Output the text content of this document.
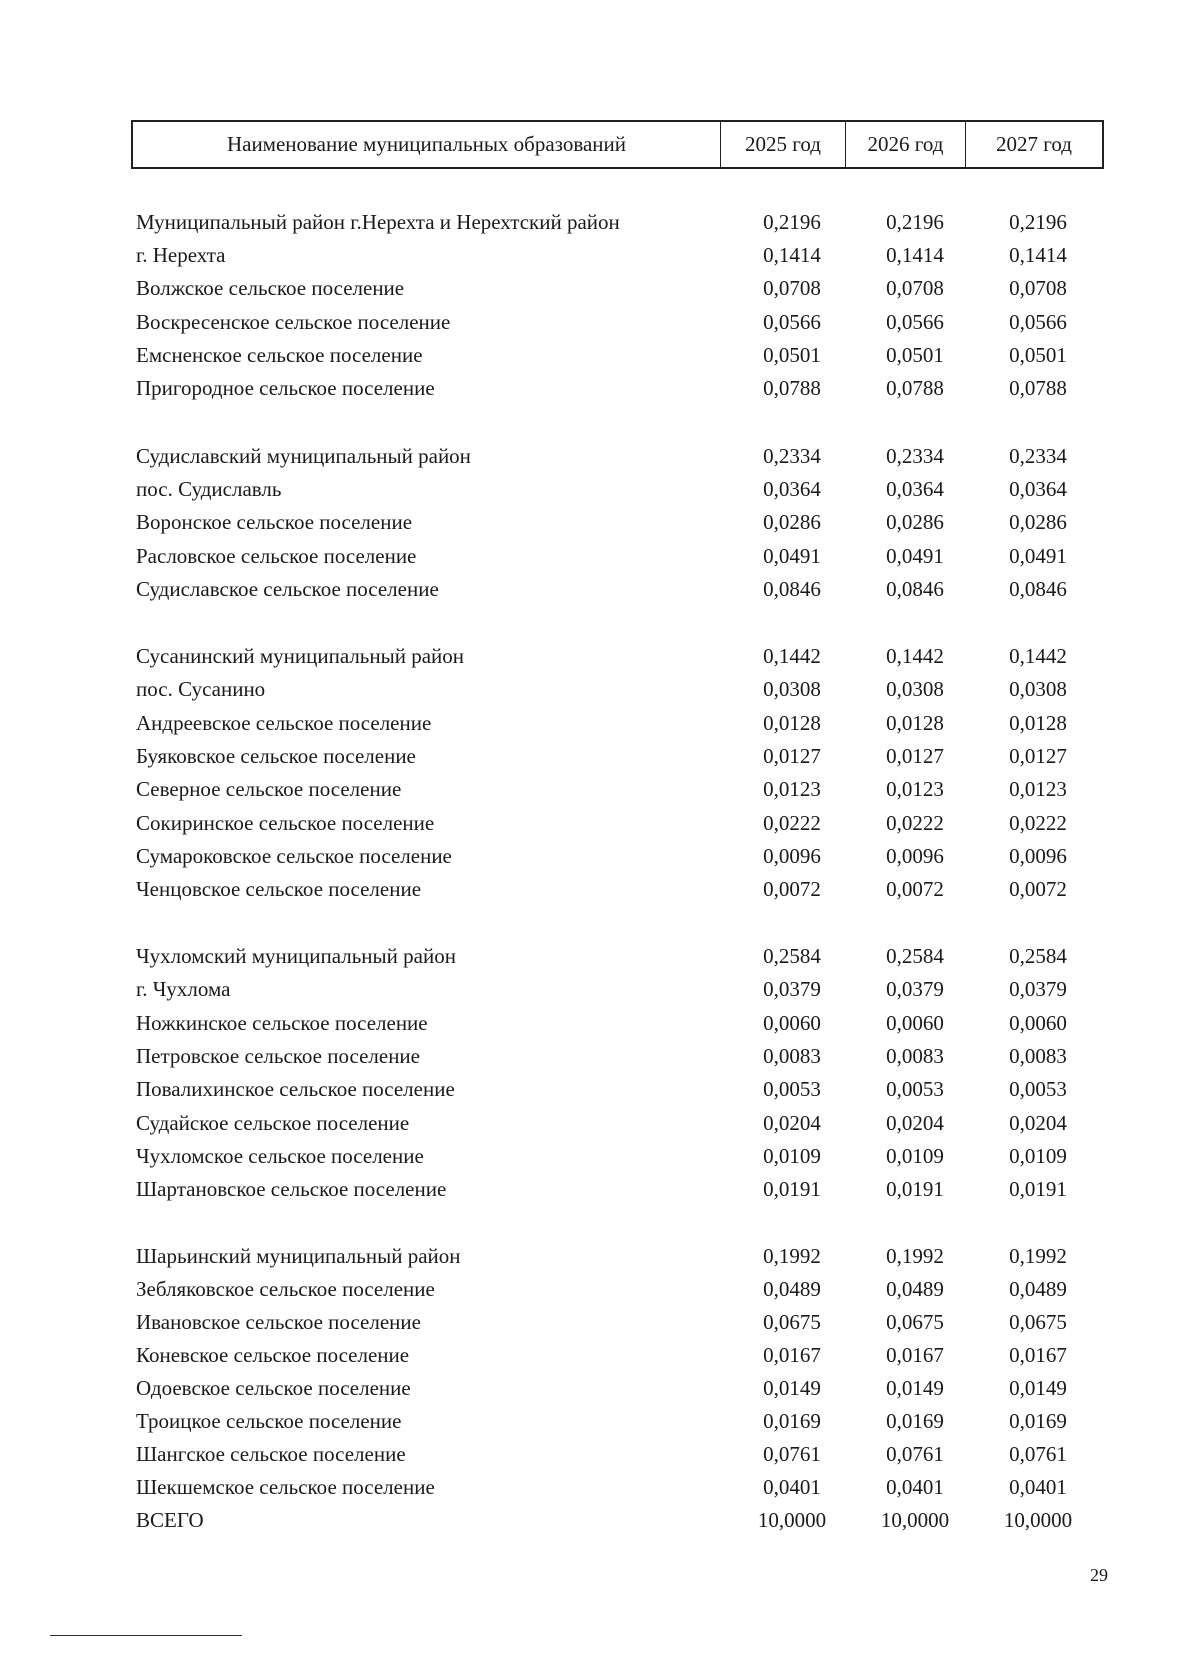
Наименование муниципальных образований	2025 год	2026 год	2027 год
Муниципальный район г.Нерехта и Нерехтский район	0,2196	0,2196	0,2196
г. Нерехта	0,1414	0,1414	0,1414
Волжское сельское поселение	0,0708	0,0708	0,0708
Воскресенское сельское поселение	0,0566	0,0566	0,0566
Емсненское сельское поселение	0,0501	0,0501	0,0501
Пригородное сельское поселение	0,0788	0,0788	0,0788
Судиславский муниципальный район	0,2334	0,2334	0,2334
пос. Судиславль	0,0364	0,0364	0,0364
Воронское сельское поселение	0,0286	0,0286	0,0286
Расловское сельское поселение	0,0491	0,0491	0,0491
Судиславское сельское поселение	0,0846	0,0846	0,0846
Сусанинский муниципальный район	0,1442	0,1442	0,1442
пос. Сусанино	0,0308	0,0308	0,0308
Андреевское сельское поселение	0,0128	0,0128	0,0128
Буяковское сельское поселение	0,0127	0,0127	0,0127
Северное сельское поселение	0,0123	0,0123	0,0123
Сокиринское сельское поселение	0,0222	0,0222	0,0222
Сумароковское сельское поселение	0,0096	0,0096	0,0096
Ченцовское сельское поселение	0,0072	0,0072	0,0072
Чухломский муниципальный район	0,2584	0,2584	0,2584
г. Чухлома	0,0379	0,0379	0,0379
Ножкинское сельское поселение	0,0060	0,0060	0,0060
Петровское сельское поселение	0,0083	0,0083	0,0083
Повалихинское сельское поселение	0,0053	0,0053	0,0053
Судайское сельское поселение	0,0204	0,0204	0,0204
Чухломское сельское поселение	0,0109	0,0109	0,0109
Шартановское сельское поселение	0,0191	0,0191	0,0191
Шарьинский муниципальный район	0,1992	0,1992	0,1992
Зебляковское сельское поселение	0,0489	0,0489	0,0489
Ивановское сельское поселение	0,0675	0,0675	0,0675
Коневское сельское поселение	0,0167	0,0167	0,0167
Одоевское сельское поселение	0,0149	0,0149	0,0149
Троицкое сельское поселение	0,0169	0,0169	0,0169
Шангское сельское поселение	0,0761	0,0761	0,0761
Шекшемское сельское поселение	0,0401	0,0401	0,0401
ВСЕГО	10,0000	10,0000	10,0000
29
